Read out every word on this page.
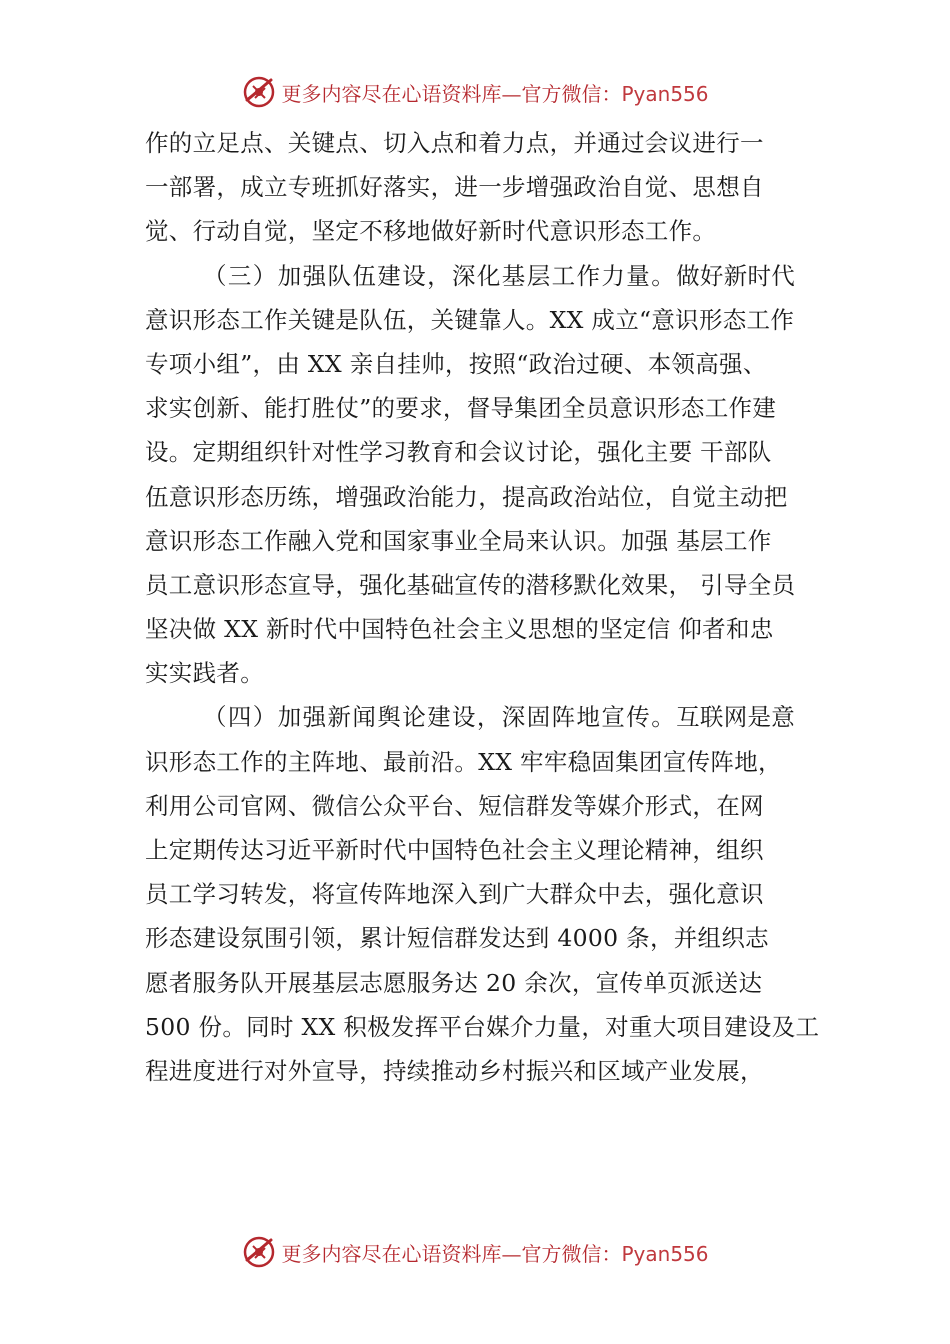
更多内容尽在心语资料库—官方微信：Pyan556
作的立足点、关键点、切入点和着力点，并通过会议进行一
一部署，成立专班抓好落实，进一步增强政治自觉、思想自
觉、行动自觉，坚定不移地做好新时代意识形态工作。
（三）加强队伍建设，深化基层工作力量。做好新时代
意识形态工作关键是队伍，关键靠人。XX 成立“意识形态工作
专项小组”，由 XX 亲自挂帅，按照“政治过硬、本领高强、
求实创新、能打胜仗”的要求，督导集团全员意识形态工作建
设。定期组织针对性学习教育和会议讨论，强化主要 干部队
伍意识形态历练，增强政治能力，提高政治站位，自觉主动把
意识形态工作融入党和国家事业全局来认识。加强 基层工作
员工意识形态宣导，强化基础宣传的潜移默化效果， 引导全员
坚决做 XX 新时代中国特色社会主义思想的坚定信 仰者和忠
实实践者。
（四）加强新闻舆论建设，深固阵地宣传。互联网是意
识形态工作的主阵地、最前沿。XX 牢牢稳固集团宣传阵地，
利用公司官网、微信公众平台、短信群发等媒介形式，在网
上定期传达习近平新时代中国特色社会主义理论精神，组织
员工学习转发，将宣传阵地深入到广大群众中去，强化意识
形态建设氛围引领，累计短信群发达到 4000 条，并组织志
愿者服务队开展基层志愿服务达 20 余次，宣传单页派送达
500 份。同时 XX 积极发挥平台媒介力量，对重大项目建设及工
程进度进行对外宣导，持续推动乡村振兴和区域产业发展，
更多内容尽在心语资料库—官方微信：Pyan556
